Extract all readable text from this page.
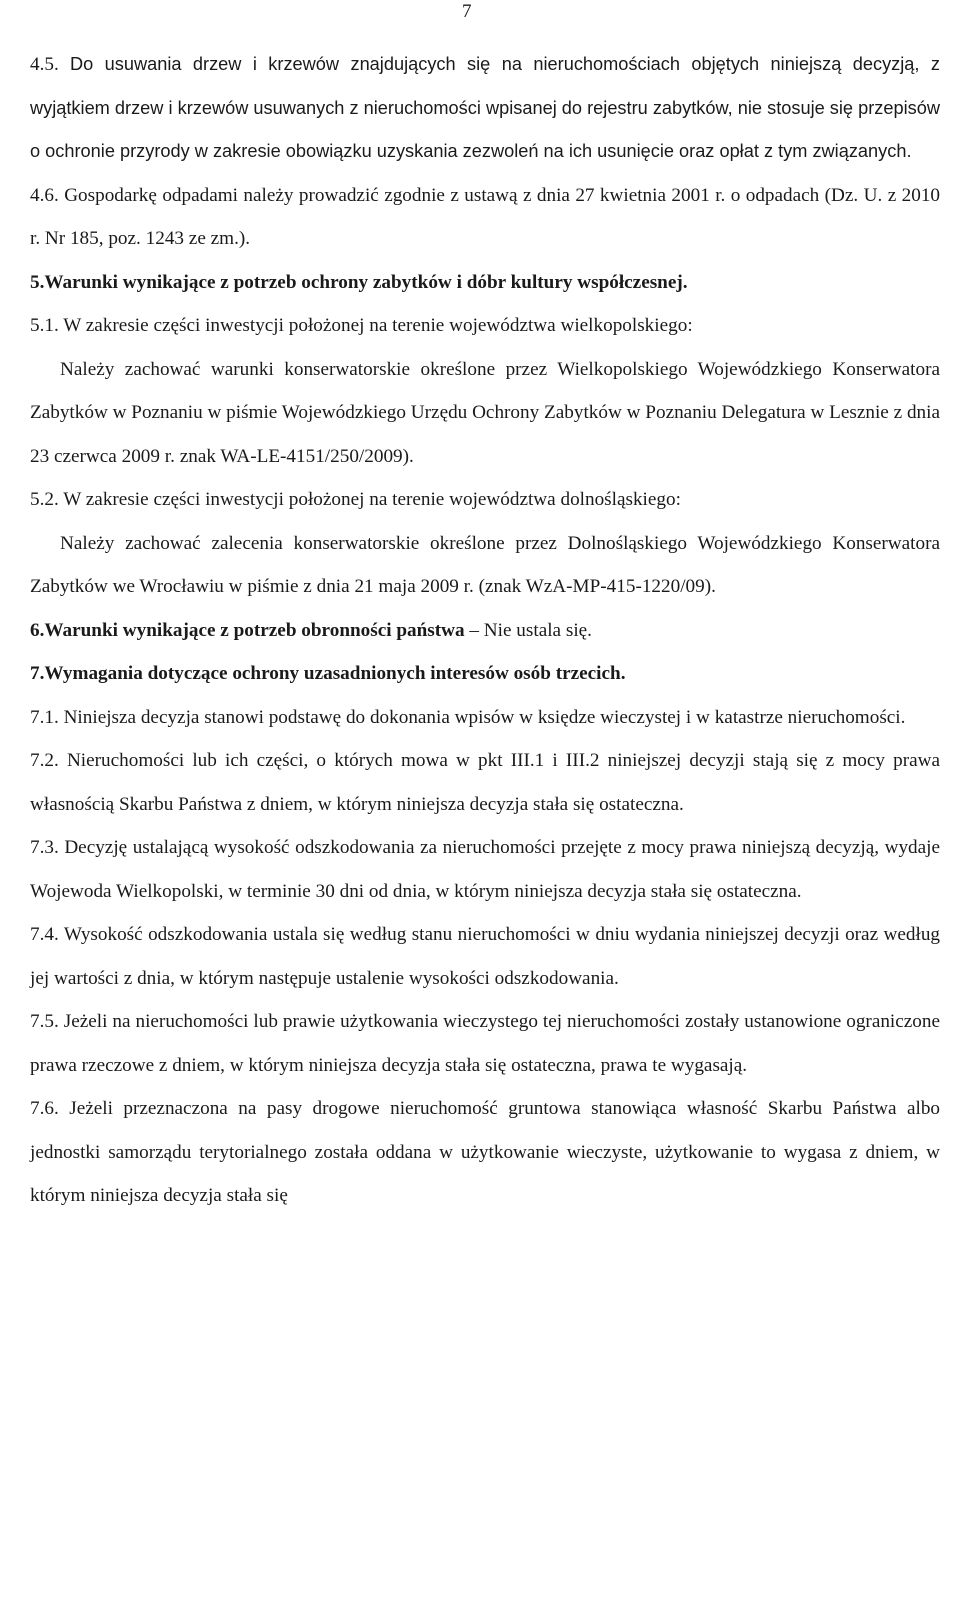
7

4.5. Do usuwania drzew i krzewów znajdujących się na nieruchomościach objętych niniejszą decyzją, z wyjątkiem drzew i krzewów usuwanych z nieruchomości wpisanej do rejestru zabytków, nie stosuje się przepisów o ochronie przyrody w zakresie obowiązku uzyskania zezwoleń na ich usunięcie oraz opłat z tym związanych.

4.6. Gospodarkę odpadami należy prowadzić zgodnie z ustawą z dnia 27 kwietnia 2001 r. o odpadach (Dz. U. z 2010 r. Nr 185, poz. 1243 ze zm.).

5.Warunki wynikające z potrzeb ochrony zabytków i dóbr kultury współczesnej.

5.1. W zakresie części inwestycji położonej na terenie województwa wielkopolskiego:

Należy zachować warunki konserwatorskie określone przez Wielkopolskiego Wojewódzkiego Konserwatora Zabytków w Poznaniu w piśmie Wojewódzkiego Urzędu Ochrony Zabytków w Poznaniu Delegatura w Lesznie z dnia 23 czerwca 2009 r. znak WA-LE-4151/250/2009).

5.2. W zakresie części inwestycji położonej na terenie województwa dolnośląskiego:

Należy zachować zalecenia konserwatorskie określone przez Dolnośląskiego Wojewódzkiego Konserwatora Zabytków we Wrocławiu w piśmie z dnia 21 maja 2009 r. (znak WzA-MP-415-1220/09).

6.Warunki wynikające z potrzeb obronności państwa – Nie ustala się.

7.Wymagania dotyczące ochrony uzasadnionych interesów osób trzecich.

7.1. Niniejsza decyzja stanowi podstawę do dokonania wpisów w księdze wieczystej i w katastrze nieruchomości.

7.2. Nieruchomości lub ich części, o których mowa w pkt III.1 i III.2 niniejszej decyzji stają się z mocy prawa własnością Skarbu Państwa z dniem, w którym niniejsza decyzja stała się ostateczna.

7.3. Decyzję ustalającą wysokość odszkodowania za nieruchomości przejęte z mocy prawa niniejszą decyzją, wydaje Wojewoda Wielkopolski, w terminie 30 dni od dnia, w którym niniejsza decyzja stała się ostateczna.

7.4. Wysokość odszkodowania ustala się według stanu nieruchomości w dniu wydania niniejszej decyzji oraz według jej wartości z dnia, w którym następuje ustalenie wysokości odszkodowania.

7.5. Jeżeli na nieruchomości lub prawie użytkowania wieczystego tej nieruchomości zostały ustanowione ograniczone prawa rzeczowe z dniem, w którym niniejsza decyzja stała się ostateczna, prawa te wygasają.

7.6. Jeżeli przeznaczona na pasy drogowe nieruchomość gruntowa stanowiąca własność Skarbu Państwa albo jednostki samorządu terytorialnego została oddana w użytkowanie wieczyste, użytkowanie to wygasa z dniem, w którym niniejsza decyzja stała się
